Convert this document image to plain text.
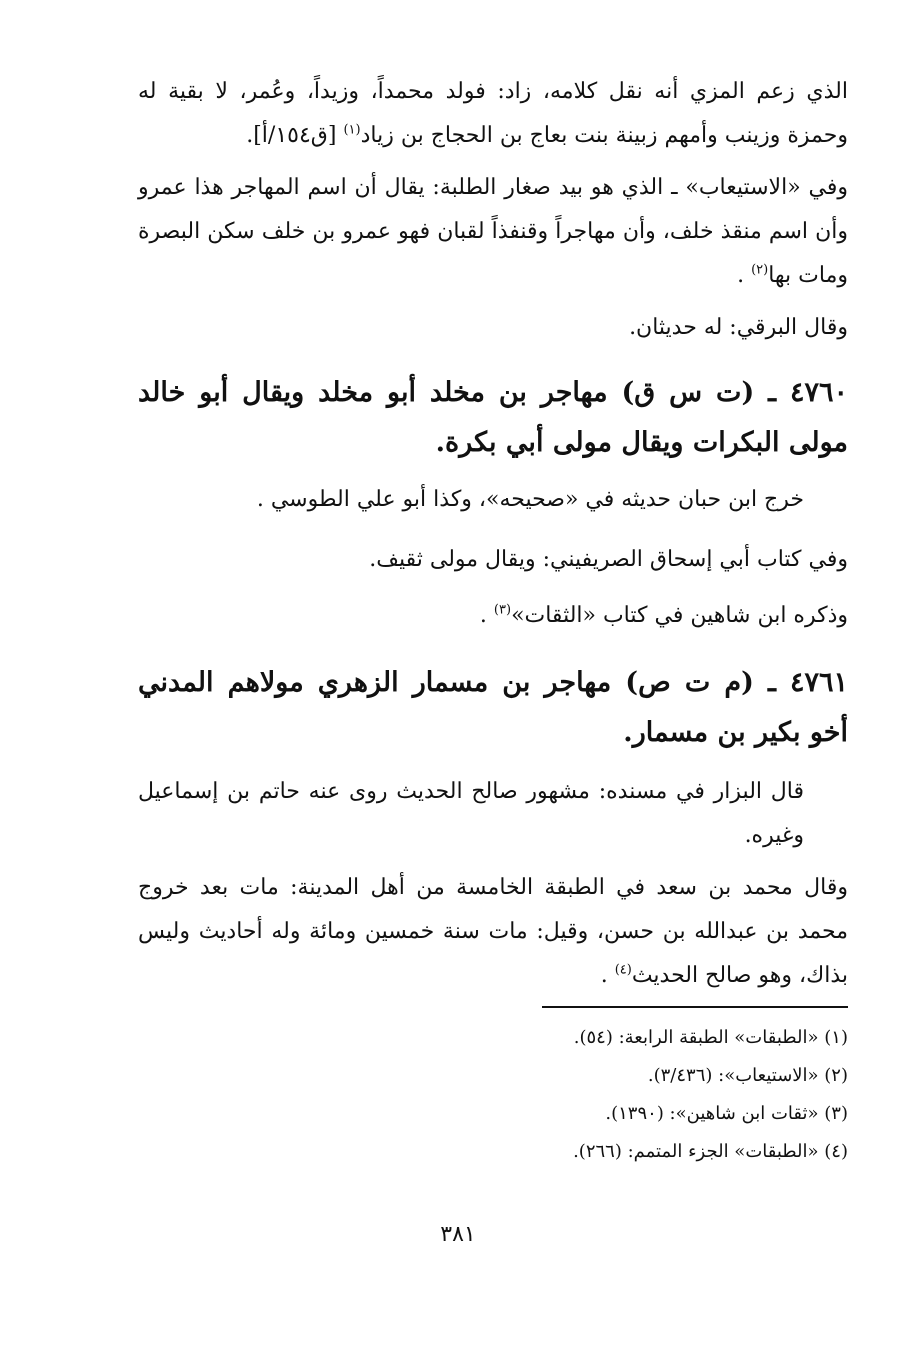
الذي زعم المزي أنه نقل كلامه، زاد: فولد محمداً، وزيداً، وعُمر، لا بقية له وحمزة وزينب وأمهم زبينة بنت بعاج بن الحجاج بن زياد$^{(١)}$ [ق١٥٤/أ].

وفي «الاستيعاب» ـ الذي هو بيد صغار الطلبة: يقال أن اسم المهاجر هذا عمرو وأن اسم منقذ خلف، وأن مهاجراً وقنفذاً لقبان فهو عمرو بن خلف سكن البصرة ومات بها$^{(٢)}$ .

وقال البرقي: له حديثان.

٤٧٦٠ ـ (ت س ق) مهاجر بن مخلد أبو مخلد ويقال أبو خالد مولى البكرات ويقال مولى أبي بكرة.

خرج ابن حبان حديثه في «صحيحه»، وكذا أبو علي الطوسي .

وفي كتاب أبي إسحاق الصريفيني: ويقال مولى ثقيف.

وذكره ابن شاهين في كتاب «الثقات»$^{(٣)}$ .

٤٧٦١ ـ (م ت ص) مهاجر بن مسمار الزهري مولاهم المدني أخو بكير بن مسمار.

قال البزار في مسنده: مشهور صالح الحديث روى عنه حاتم بن إسماعيل وغيره.

وقال محمد بن سعد في الطبقة الخامسة من أهل المدينة: مات بعد خروج محمد بن عبدالله بن حسن، وقيل: مات سنة خمسين ومائة وله أحاديث وليس بذاك، وهو صالح الحديث$^{(٤)}$ .

(١) «الطبقات» الطبقة الرابعة: (٥٤).

(٢) «الاستيعاب»: (٣/٤٣٦).

(٣) «ثقات ابن شاهين»: (١٣٩٠).

(٤) «الطبقات» الجزء المتمم: (٢٦٦).

٣٨١
